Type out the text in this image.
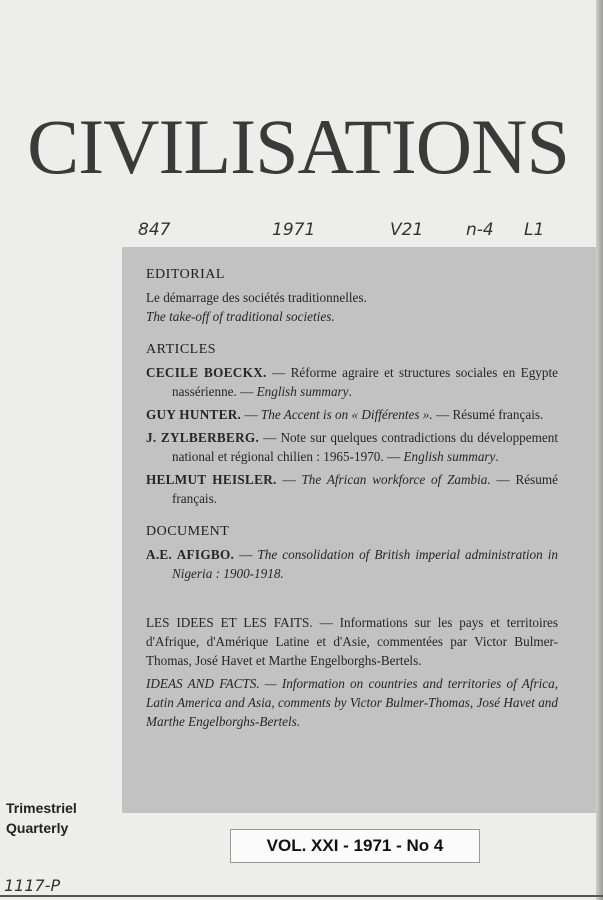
CIVILISATIONS
847	1971	V21	n-4 L1

EDITORIAL

Le démarrage des sociétés traditionnelles.

The take-off of traditional societies.

ARTICLES

CECILE BOECKX. — Réforme agraire et structures sociales en Egypte nassérienne. — English summary.

GUY HUNTER. — The Accent is on « Différentes ». — Résumé français.

J. ZYLBERBERG. — Note sur quelques contradictions du développement national et régional chilien : 1965-1970. — English summary.

HELMUT HEISLER. — The African workforce of Zambia. — Résumé français.

DOCUMENT

A.E. AFIGBO. — The consolidation of British imperial administration in Nigeria : 1900-1918.

LES IDEES ET LES FAITS. — Informations sur les pays et territoires d'Afrique, d'Amérique Latine et d'Asie, commentées par Victor Bulmer-Thomas, José Havet et Marthe Engelborghs-Bertels.

IDEAS AND FACTS. — Information on countries and territories of Africa, Latin America and Asia, comments by Victor Bulmer-Thomas, José Havet and Marthe Engelborghs-Bertels.

Trimestriel
Quarterly
VOL. XXI - 1971 - No 4
1117-P
